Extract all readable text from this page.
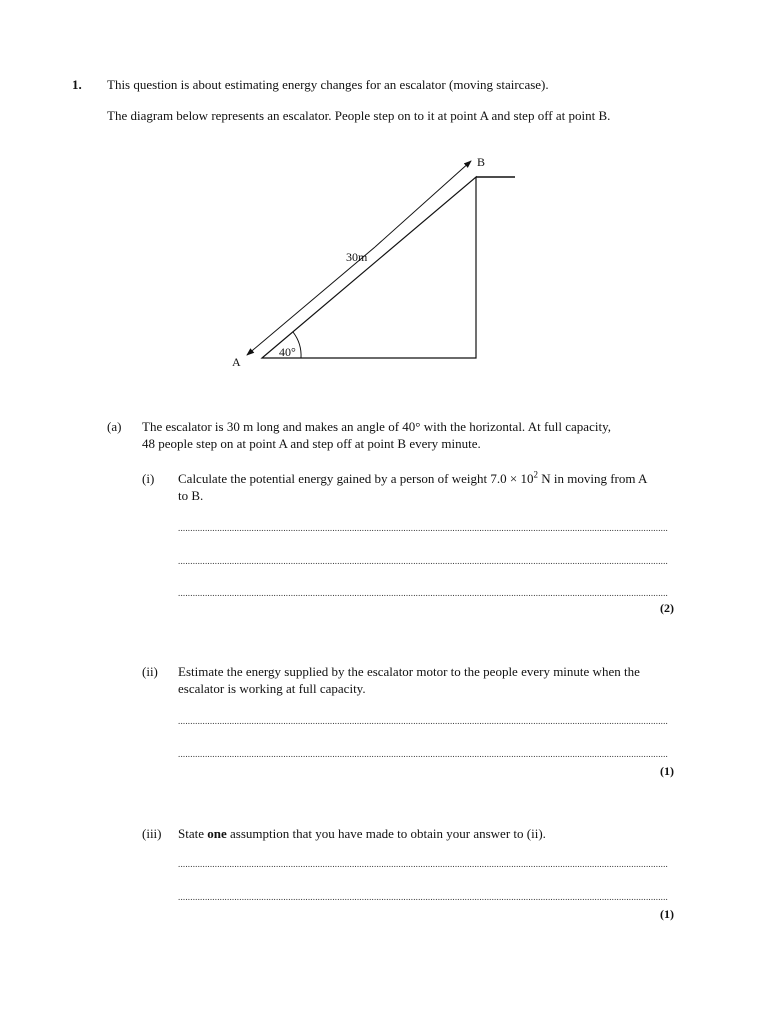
1. This question is about estimating energy changes for an escalator (moving staircase).
The diagram below represents an escalator. People step on to it at point A and step off at point B.
A
B
30m
40°
(a) The escalator is 30 m long and makes an angle of 40° with the horizontal. At full capacity, 48 people step on at point A and step off at point B every minute.
(i) Calculate the potential energy gained by a person of weight $7.0 \times 10^2$ N in moving from A to B.
........................................................................................................................................................................................................
........................................................................................................................................................................................................
........................................................................................................................................................................................................
(2)
(ii) Estimate the energy supplied by the escalator motor to the people every minute when the escalator is working at full capacity.
........................................................................................................................................................................................................
........................................................................................................................................................................................................
(1)
(iii) State one assumption that you have made to obtain your answer to (ii).
........................................................................................................................................................................................................
........................................................................................................................................................................................................
(1)
